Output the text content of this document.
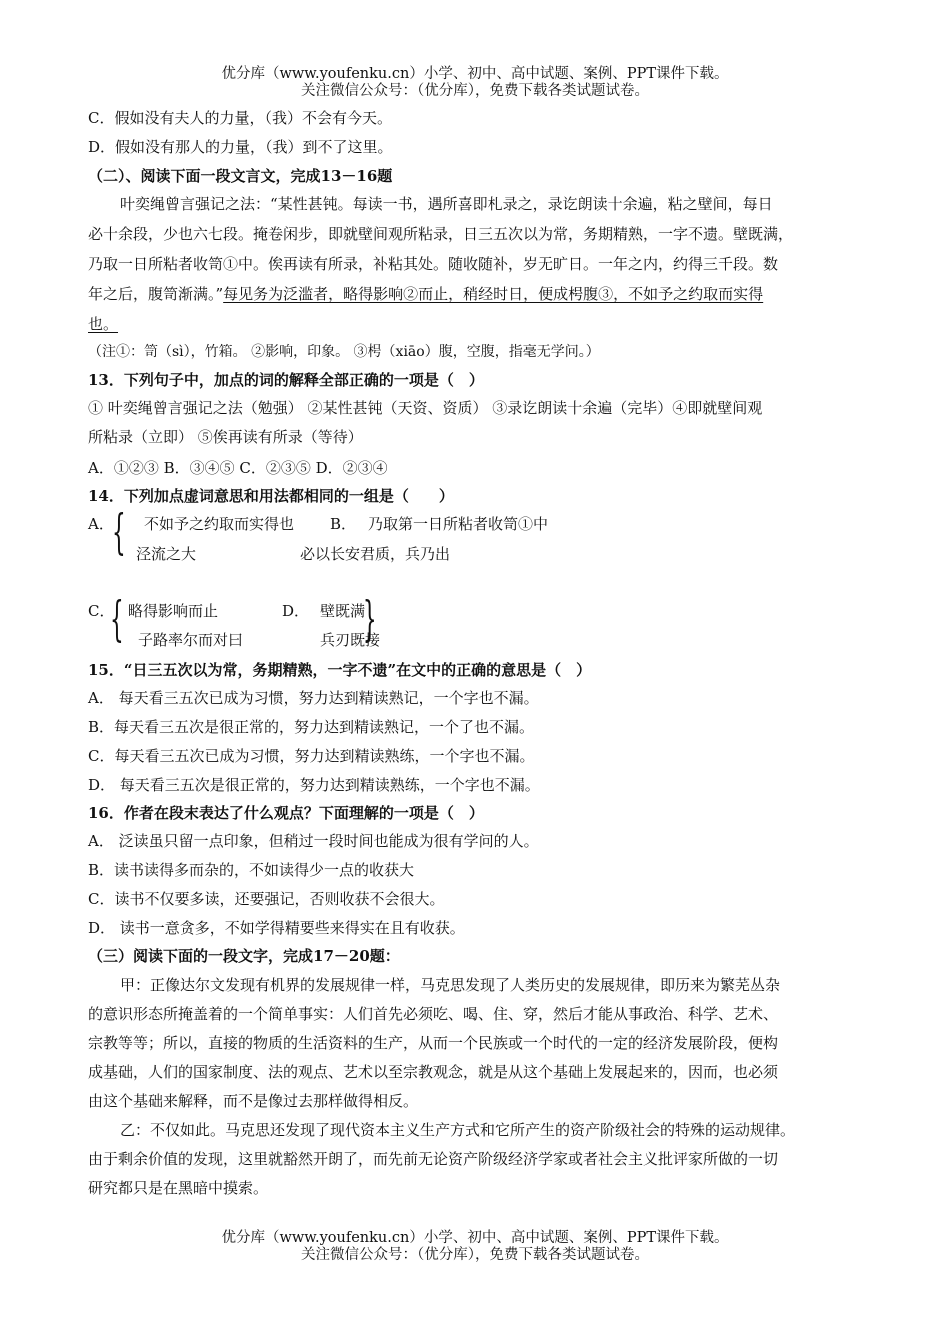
优分库（www.youfenku.cn）小学、初中、高中试题、案例、PPT课件下载。
关注微信公众号：（优分库），免费下载各类试题试卷。
C．假如没有夫人的力量，（我）不会有今天。
D．假如没有那人的力量，（我）到不了这里。
（二）、阅读下面一段文言文，完成13－16题
叶奕绳曾言强记之法：“某性甚钝。每读一书，遇所喜即札录之，录讫朗读十余遍，粘之壁间，每日
必十余段，少也六七段。掩卷闲步，即就壁间观所粘录，日三五次以为常，务期精熟，一字不遗。壁既满，
乃取一日所粘者收笥①中。俟再读有所录，补粘其处。随收随补，岁无旷日。一年之内，约得三千段。数
年之后，腹笥渐满。”每见务为泛滥者，略得影响②而止，稍经时日，便成枵腹③，不如予之约取而实得
也。
（注①：笥（sì），竹箱。 ②影响，印象。 ③枵（xiāo）腹，空腹，指毫无学问。）
13．下列句子中，加点的词的解释全部正确的一项是（　）
① 叶奕绳曾言强记之法（勉强） ②某性甚钝（天资、资质） ③录讫朗读十余遍（完毕）④即就壁间观
所粘录（立即） ⑤俟再读有所录（等待）
A．①②③ B．③④⑤ C．②③⑤ D．②③④
14．下列加点虚词意思和用法都相同的一组是（　　）
A．
{ 不如予之约取而实得也
泾流之大
B． 乃取第一日所粘者收笥①中
必以长安君质，兵乃出
C．
{ 略得影响而止
子路率尔而对曰
D． 壁既满
{
兵刃既接
15．“日三五次以为常，务期精熟，一字不遗”在文中的正确的意思是（　）
A． 每天看三五次已成为习惯，努力达到精读熟记，一个字也不漏。
B．每天看三五次是很正常的，努力达到精读熟记，一个了也不漏。
C．每天看三五次已成为习惯，努力达到精读熟练，一个字也不漏。
D． 每天看三五次是很正常的，努力达到精读熟练，一个字也不漏。
16．作者在段末表达了什么观点？下面理解的一项是（　）
A． 泛读虽只留一点印象，但稍过一段时间也能成为很有学问的人。
B．读书读得多而杂的，不如读得少一点的收获大
C．读书不仅要多读，还要强记，否则收获不会很大。
D． 读书一意贪多，不如学得精要些来得实在且有收获。
（三）阅读下面的一段文字，完成17－20题：
甲：正像达尔文发现有机界的发展规律一样，马克思发现了人类历史的发展规律，即历来为繁芜丛杂
的意识形态所掩盖着的一个简单事实：人们首先必须吃、喝、住、穿，然后才能从事政治、科学、艺术、
宗教等等；所以，直接的物质的生活资料的生产，从而一个民族或一个时代的一定的经济发展阶段，便构
成基础，人们的国家制度、法的观点、艺术以至宗教观念，就是从这个基础上发展起来的，因而，也必须
由这个基础来解释，而不是像过去那样做得相反。
乙：不仅如此。马克思还发现了现代资本主义生产方式和它所产生的资产阶级社会的特殊的运动规律。
由于剩余价值的发现，这里就豁然开朗了，而先前无论资产阶级经济学家或者社会主义批评家所做的一切
研究都只是在黑暗中摸索。
优分库（www.youfenku.cn）小学、初中、高中试题、案例、PPT课件下载。
关注微信公众号：（优分库），免费下载各类试题试卷。
